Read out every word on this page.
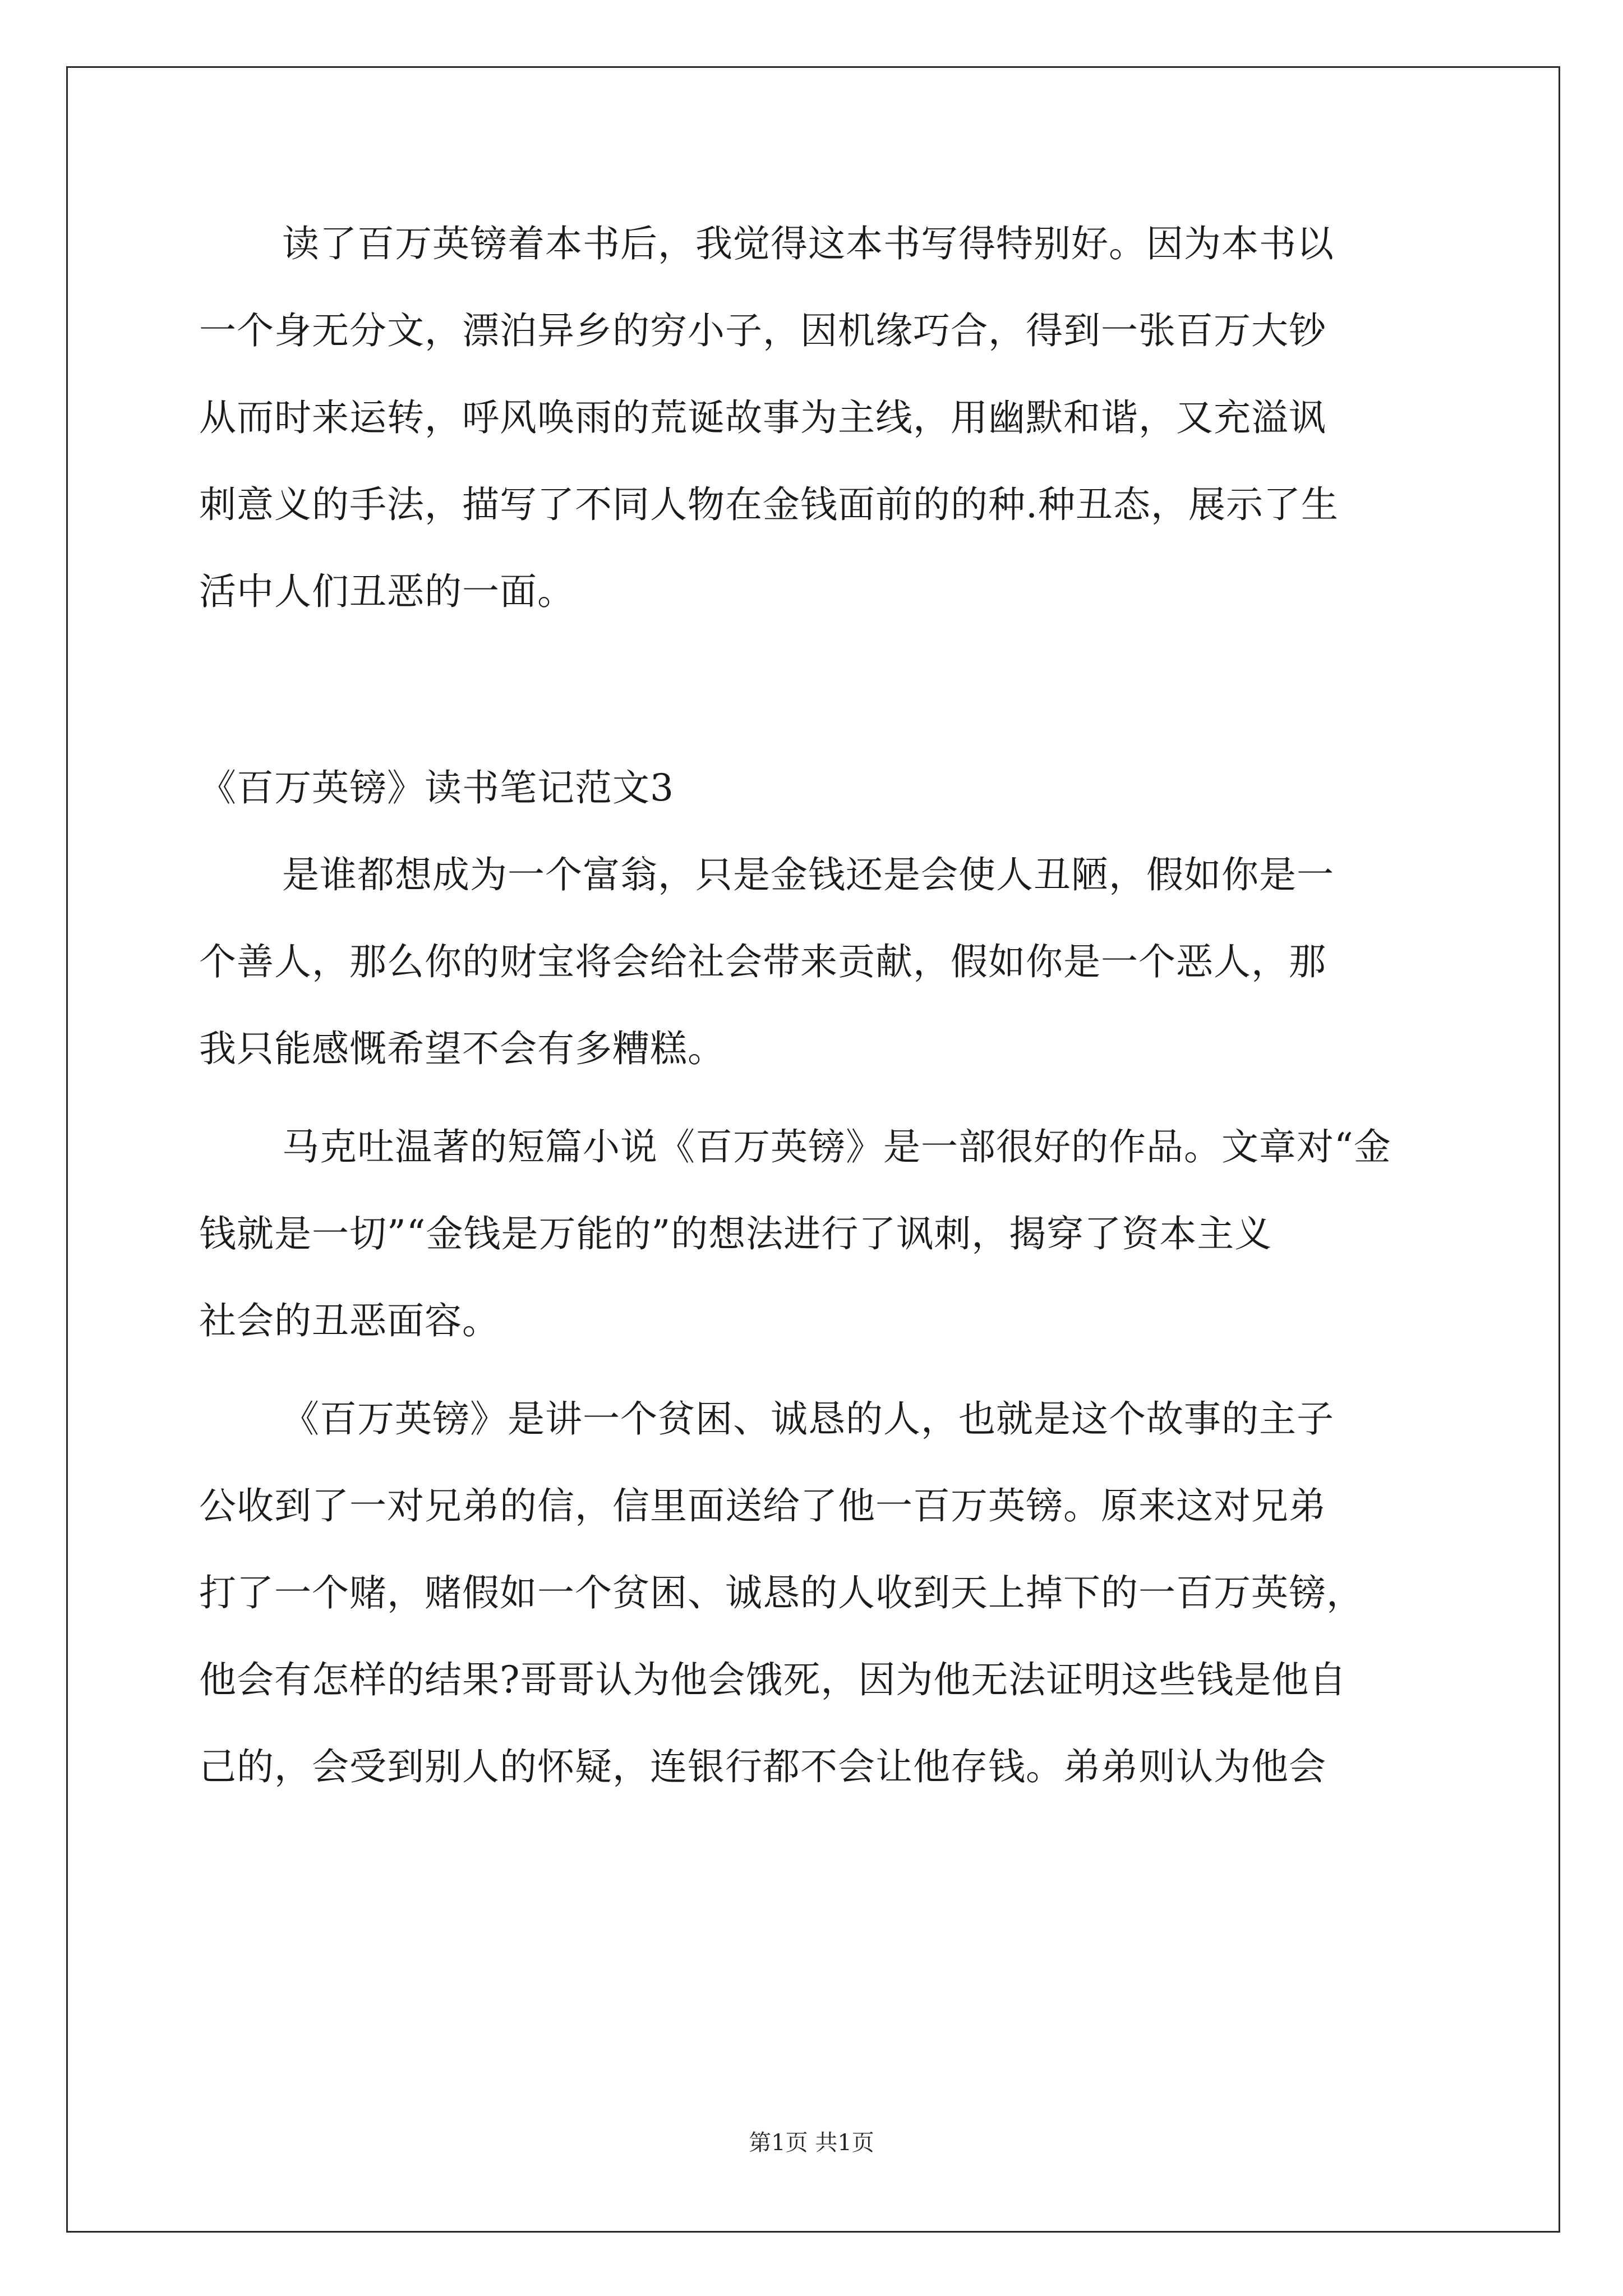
读了百万英镑着本书后，我觉得这本书写得特别好。因为本书以
一个身无分文，漂泊异乡的穷小子，因机缘巧合，得到一张百万大钞
从而时来运转，呼风唤雨的荒诞故事为主线，用幽默和谐，又充溢讽
刺意义的手法，描写了不同人物在金钱面前的的种.种丑态，展示了生
活中人们丑恶的一面。
《百万英镑》读书笔记范文3
是谁都想成为一个富翁，只是金钱还是会使人丑陋，假如你是一
个善人，那么你的财宝将会给社会带来贡献，假如你是一个恶人，那
我只能感慨希望不会有多糟糕。
马克吐温著的短篇小说《百万英镑》是一部很好的作品。文章对“金
钱就是一切”“金钱是万能的”的想法进行了讽刺，揭穿了资本主义
社会的丑恶面容。
《百万英镑》是讲一个贫困、诚恳的人，也就是这个故事的主子
公收到了一对兄弟的信，信里面送给了他一百万英镑。原来这对兄弟
打了一个赌，赌假如一个贫困、诚恳的人收到天上掉下的一百万英镑，
他会有怎样的结果?哥哥认为他会饿死，因为他无法证明这些钱是他自
己的，会受到别人的怀疑，连银行都不会让他存钱。弟弟则认为他会
第1页 共1页
